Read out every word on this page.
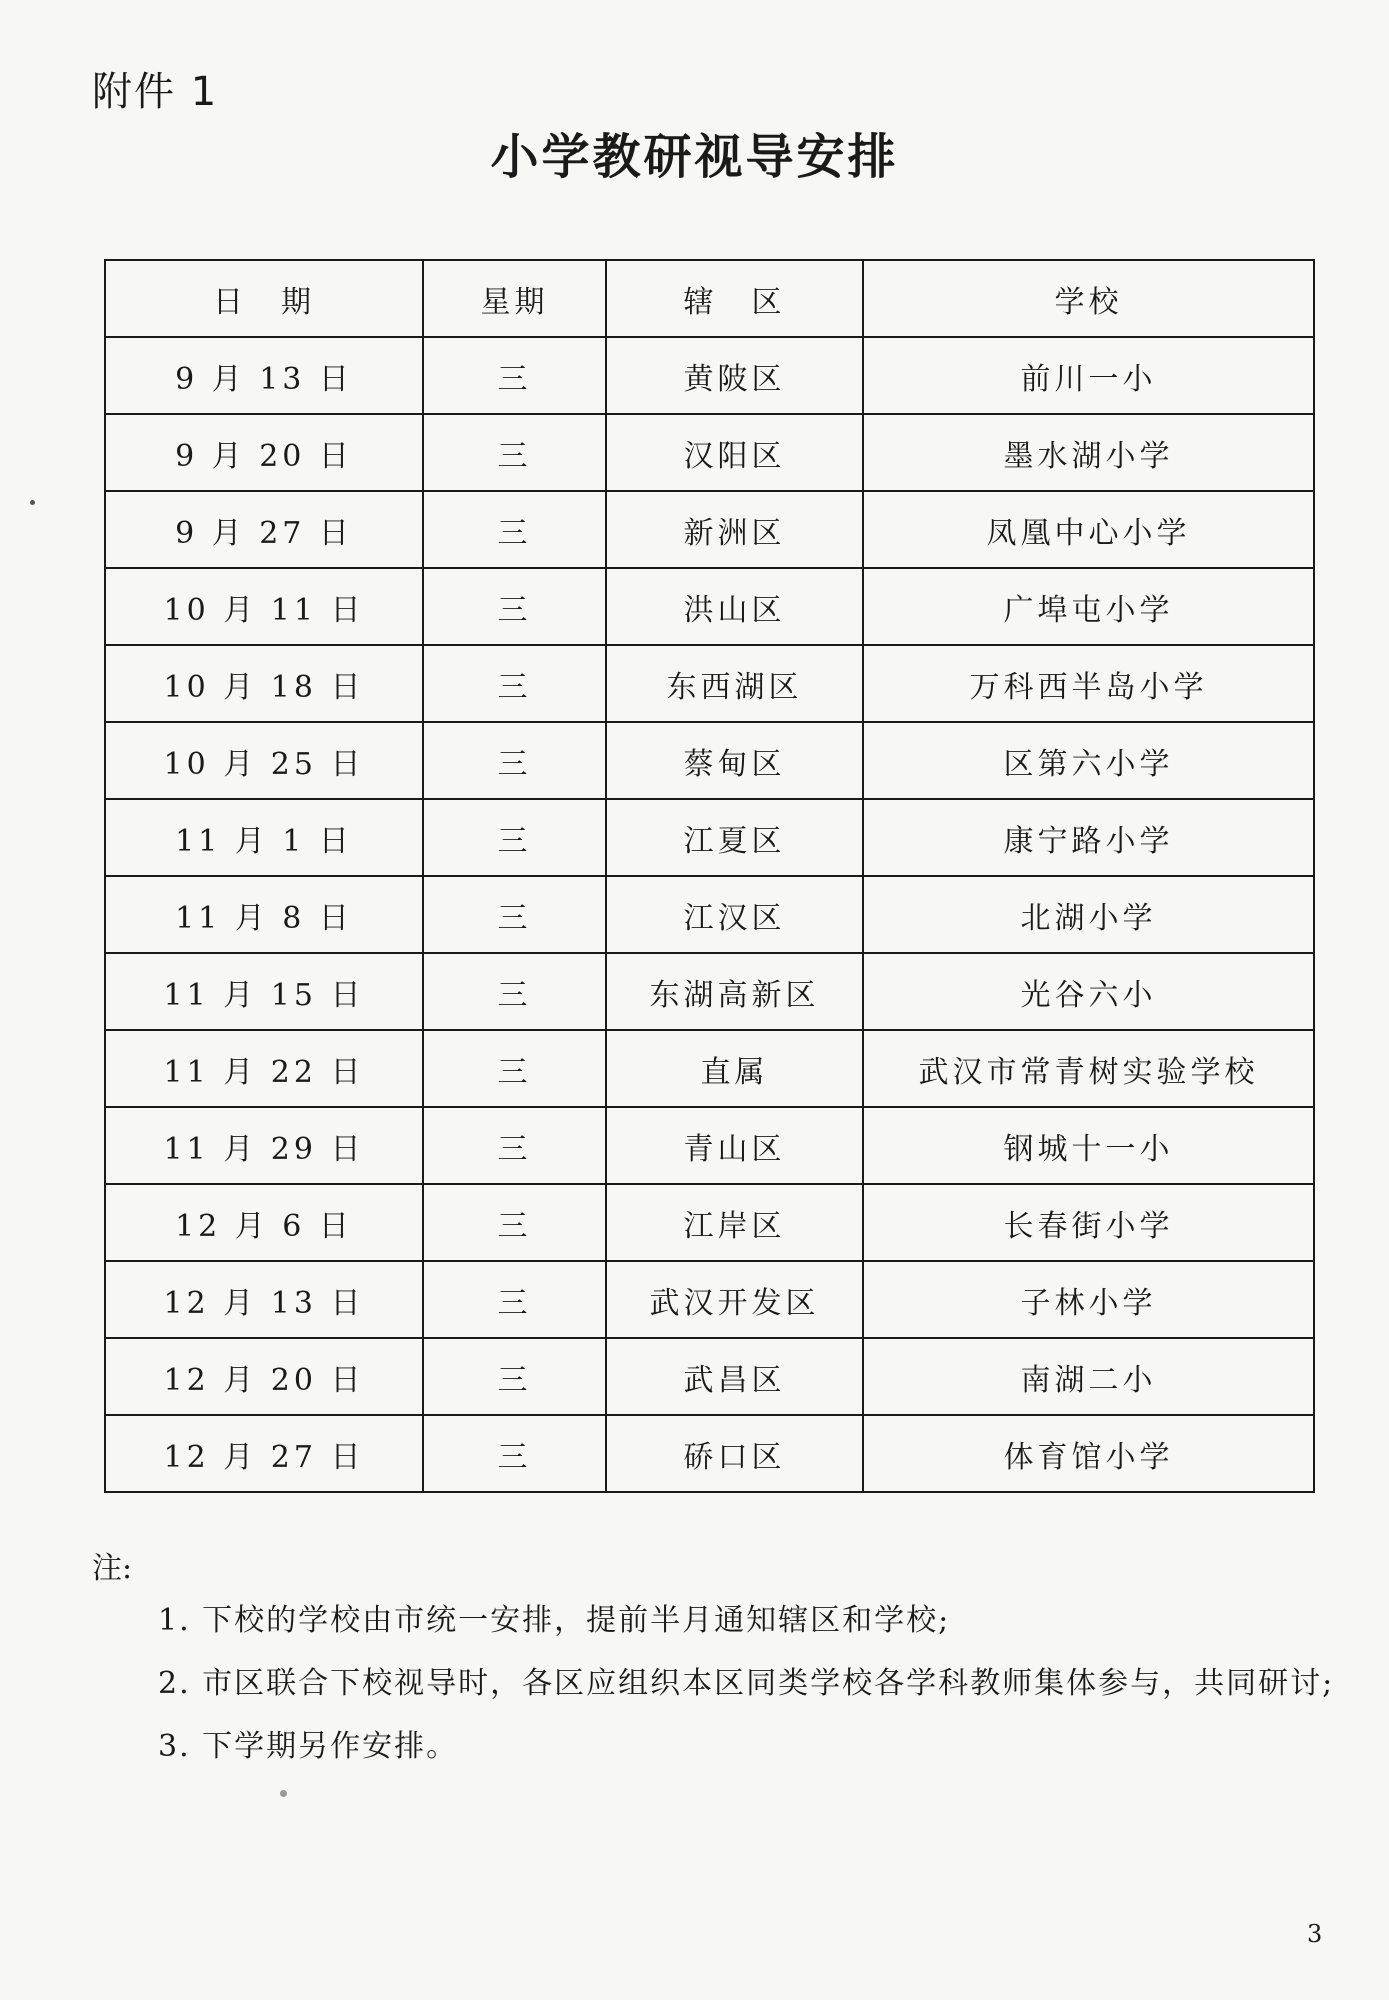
附件 1

小学教研视导安排
日　期	星期	辖　区	学校
9 月 13 日	三	黄陂区	前川一小
9 月 20 日	三	汉阳区	墨水湖小学
9 月 27 日	三	新洲区	凤凰中心小学
10 月 11 日	三	洪山区	广埠屯小学
10 月 18 日	三	东西湖区	万科西半岛小学
10 月 25 日	三	蔡甸区	区第六小学
11 月 1 日	三	江夏区	康宁路小学
11 月 8 日	三	江汉区	北湖小学
11 月 15 日	三	东湖高新区	光谷六小
11 月 22 日	三	直属	武汉市常青树实验学校
11 月 29 日	三	青山区	钢城十一小
12 月 6 日	三	江岸区	长春街小学
12 月 13 日	三	武汉开发区	子林小学
12 月 20 日	三	武昌区	南湖二小
12 月 27 日	三	硚口区	体育馆小学

注:

1. 下校的学校由市统一安排，提前半月通知辖区和学校;
2. 市区联合下校视导时，各区应组织本区同类学校各学科教师集体参与，共同研讨;
3. 下学期另作安排。
3
